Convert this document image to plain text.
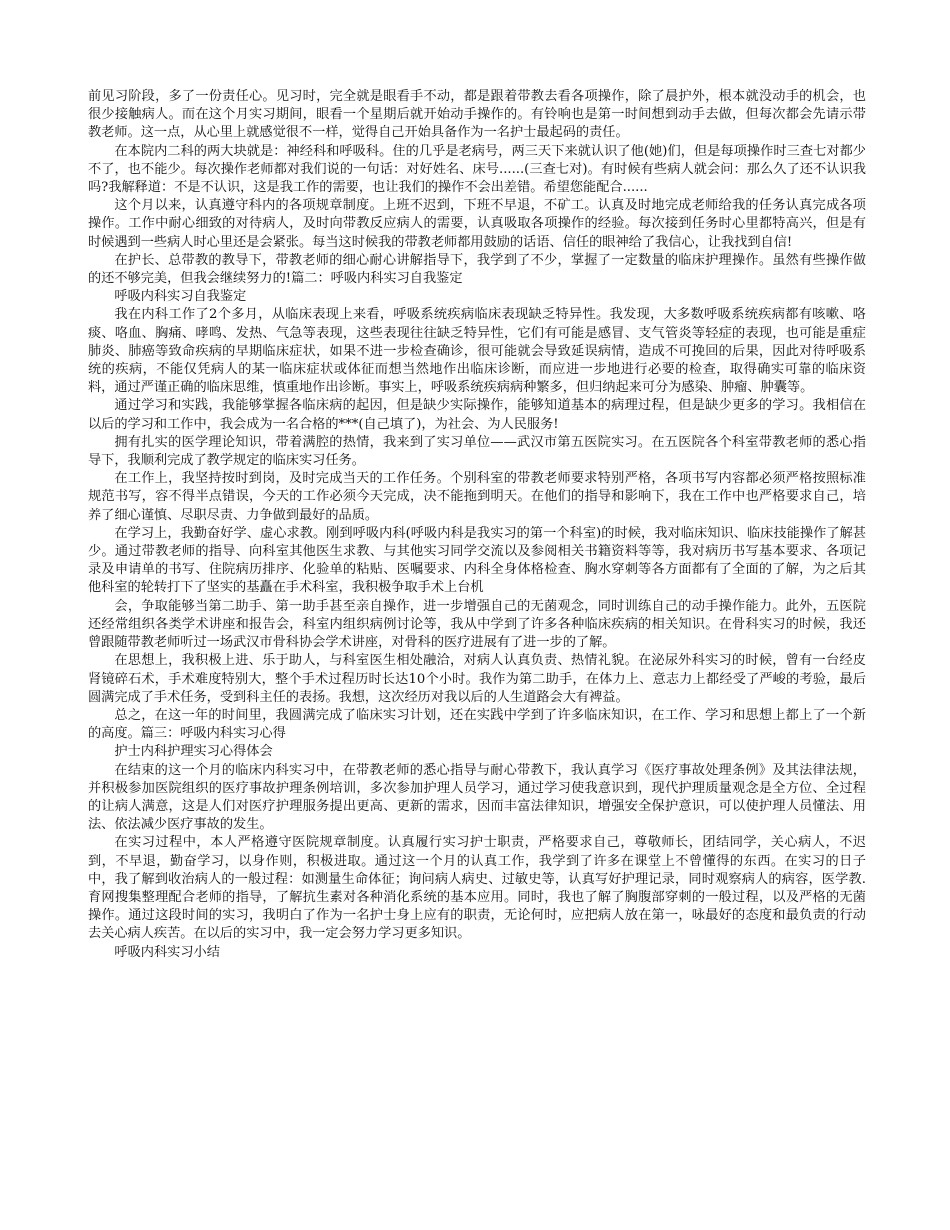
前见习阶段，多了一份责任心。见习时，完全就是眼看手不动，都是跟着带教去看各项操作，除了晨护外，根本就没动手的机会，也很少接触病人。而在这个月实习期间，眼看一个星期后就开始动手操作的。有铃响也是第一时间想到动手去做，但每次都会先请示带教老师。这一点，从心里上就感觉很不一样，觉得自己开始具备作为一名护士最起码的责任。

在本院内二科的两大块就是：神经科和呼吸科。住的几乎是老病号，两三天下来就认识了他(她)们，但是每项操作时三查七对都少不了，也不能少。每次操作老师都对我们说的一句话：对好姓名、床号......(三查七对)。有时候有些病人就会问：那么久了还不认识我吗?我解释道：不是不认识，这是我工作的需要，也让我们的操作不会出差错。希望您能配合......

这个月以来，认真遵守科内的各项规章制度。上班不迟到，下班不早退，不矿工。认真及时地完成老师给我的任务认真完成各项操作。工作中耐心细致的对待病人，及时向带教反应病人的需要，认真吸取各项操作的经验。每次接到任务时心里都特高兴，但是有时候遇到一些病人时心里还是会紧张。每当这时候我的带教老师都用鼓励的话语、信任的眼神给了我信心，让我找到自信!

在护长、总带教的教导下，带教老师的细心耐心讲解指导下，我学到了不少，掌握了一定数量的临床护理操作。虽然有些操作做的还不够完美，但我会继续努力的!篇二：呼吸内科实习自我鉴定

呼吸内科实习自我鉴定

我在内科工作了2个多月，从临床表现上来看，呼吸系统疾病临床表现缺乏特异性。我发现，大多数呼吸系统疾病都有咳嗽、咯痰、咯血、胸痛、哮鸣、发热、气急等表现，这些表现往往缺乏特异性，它们有可能是感冒、支气管炎等轻症的表现，也可能是重症肺炎、肺癌等致命疾病的早期临床症状，如果不进一步检查确诊，很可能就会导致延误病情，造成不可挽回的后果，因此对待呼吸系统的疾病，不能仅凭病人的某一临床症状或体征而想当然地作出临床诊断，而应进一步地进行必要的检查，取得确实可靠的临床资料，通过严谨正确的临床思维，慎重地作出诊断。事实上，呼吸系统疾病病种繁多，但归纳起来可分为感染、肿瘤、肿囊等。

通过学习和实践，我能够掌握各临床病的起因，但是缺少实际操作，能够知道基本的病理过程，但是缺少更多的学习。我相信在以后的学习和工作中，我会成为一名合格的***(自己填了)，为社会、为人民服务!

拥有扎实的医学理论知识，带着满腔的热情，我来到了实习单位——武汉市第五医院实习。在五医院各个科室带教老师的悉心指导下，我顺利完成了教学规定的临床实习任务。

在工作上，我坚持按时到岗，及时完成当天的工作任务。个别科室的带教老师要求特别严格，各项书写内容都必须严格按照标准规范书写，容不得半点错误，今天的工作必须今天完成，决不能拖到明天。在他们的指导和影响下，我在工作中也严格要求自己，培养了细心谨慎、尽职尽责、力争做到最好的品质。

在学习上，我勤奋好学、虚心求教。刚到呼吸内科(呼吸内科是我实习的第一个科室)的时候，我对临床知识、临床技能操作了解甚少。通过带教老师的指导、向科室其他医生求教、与其他实习同学交流以及参阅相关书籍资料等等，我对病历书写基本要求、各项记录及申请单的书写、住院病历排序、化验单的粘贴、医嘱要求、内科全身体格检查、胸水穿刺等各方面都有了全面的了解，为之后其他科室的轮转打下了坚实的基矗在手术科室，我积极争取手术上台机

会，争取能够当第二助手、第一助手甚至亲自操作，进一步增强自己的无菌观念，同时训练自己的动手操作能力。此外，五医院还经常组织各类学术讲座和报告会，科室内组织病例讨论等，我从中学到了许多各种临床疾病的相关知识。在骨科实习的时候，我还曾跟随带教老师听过一场武汉市骨科协会学术讲座，对骨科的医疗进展有了进一步的了解。

在思想上，我积极上进、乐于助人，与科室医生相处融洽，对病人认真负责、热情礼貌。在泌尿外科实习的时候，曾有一台经皮肾镜碎石术，手术难度特别大，整个手术过程历时长达10个小时。我作为第二助手，在体力上、意志力上都经受了严峻的考验，最后圆满完成了手术任务，受到科主任的表扬。我想，这次经历对我以后的人生道路会大有裨益。

总之，在这一年的时间里，我圆满完成了临床实习计划，还在实践中学到了许多临床知识，在工作、学习和思想上都上了一个新的高度。篇三：呼吸内科实习心得

护士内科护理实习心得体会

在结束的这一个月的临床内科实习中，在带教老师的悉心指导与耐心带教下，我认真学习《医疗事故处理条例》及其法律法规，并积极参加医院组织的医疗事故护理条例培训，多次参加护理人员学习，通过学习使我意识到，现代护理质量观念是全方位、全过程的让病人满意，这是人们对医疗护理服务提出更高、更新的需求，因而丰富法律知识，增强安全保护意识，可以使护理人员懂法、用法、依法减少医疗事故的发生。

在实习过程中，本人严格遵守医院规章制度。认真履行实习护士职责，严格要求自己，尊敬师长，团结同学，关心病人，不迟到，不早退，勤奋学习，以身作则，积极进取。通过这一个月的认真工作，我学到了许多在课堂上不曾懂得的东西。在实习的日子中，我了解到收治病人的一般过程：如测量生命体征；询问病人病史、过敏史等，认真写好护理记录，同时观察病人的病容，医学教.育网搜集整理配合老师的指导，了解抗生素对各种消化系统的基本应用。同时，我也了解了胸腹部穿刺的一般过程，以及严格的无菌操作。通过这段时间的实习，我明白了作为一名护士身上应有的职责，无论何时，应把病人放在第一，咏最好的态度和最负责的行动去关心病人疾苦。在以后的实习中，我一定会努力学习更多知识。

呼吸内科实习小结
